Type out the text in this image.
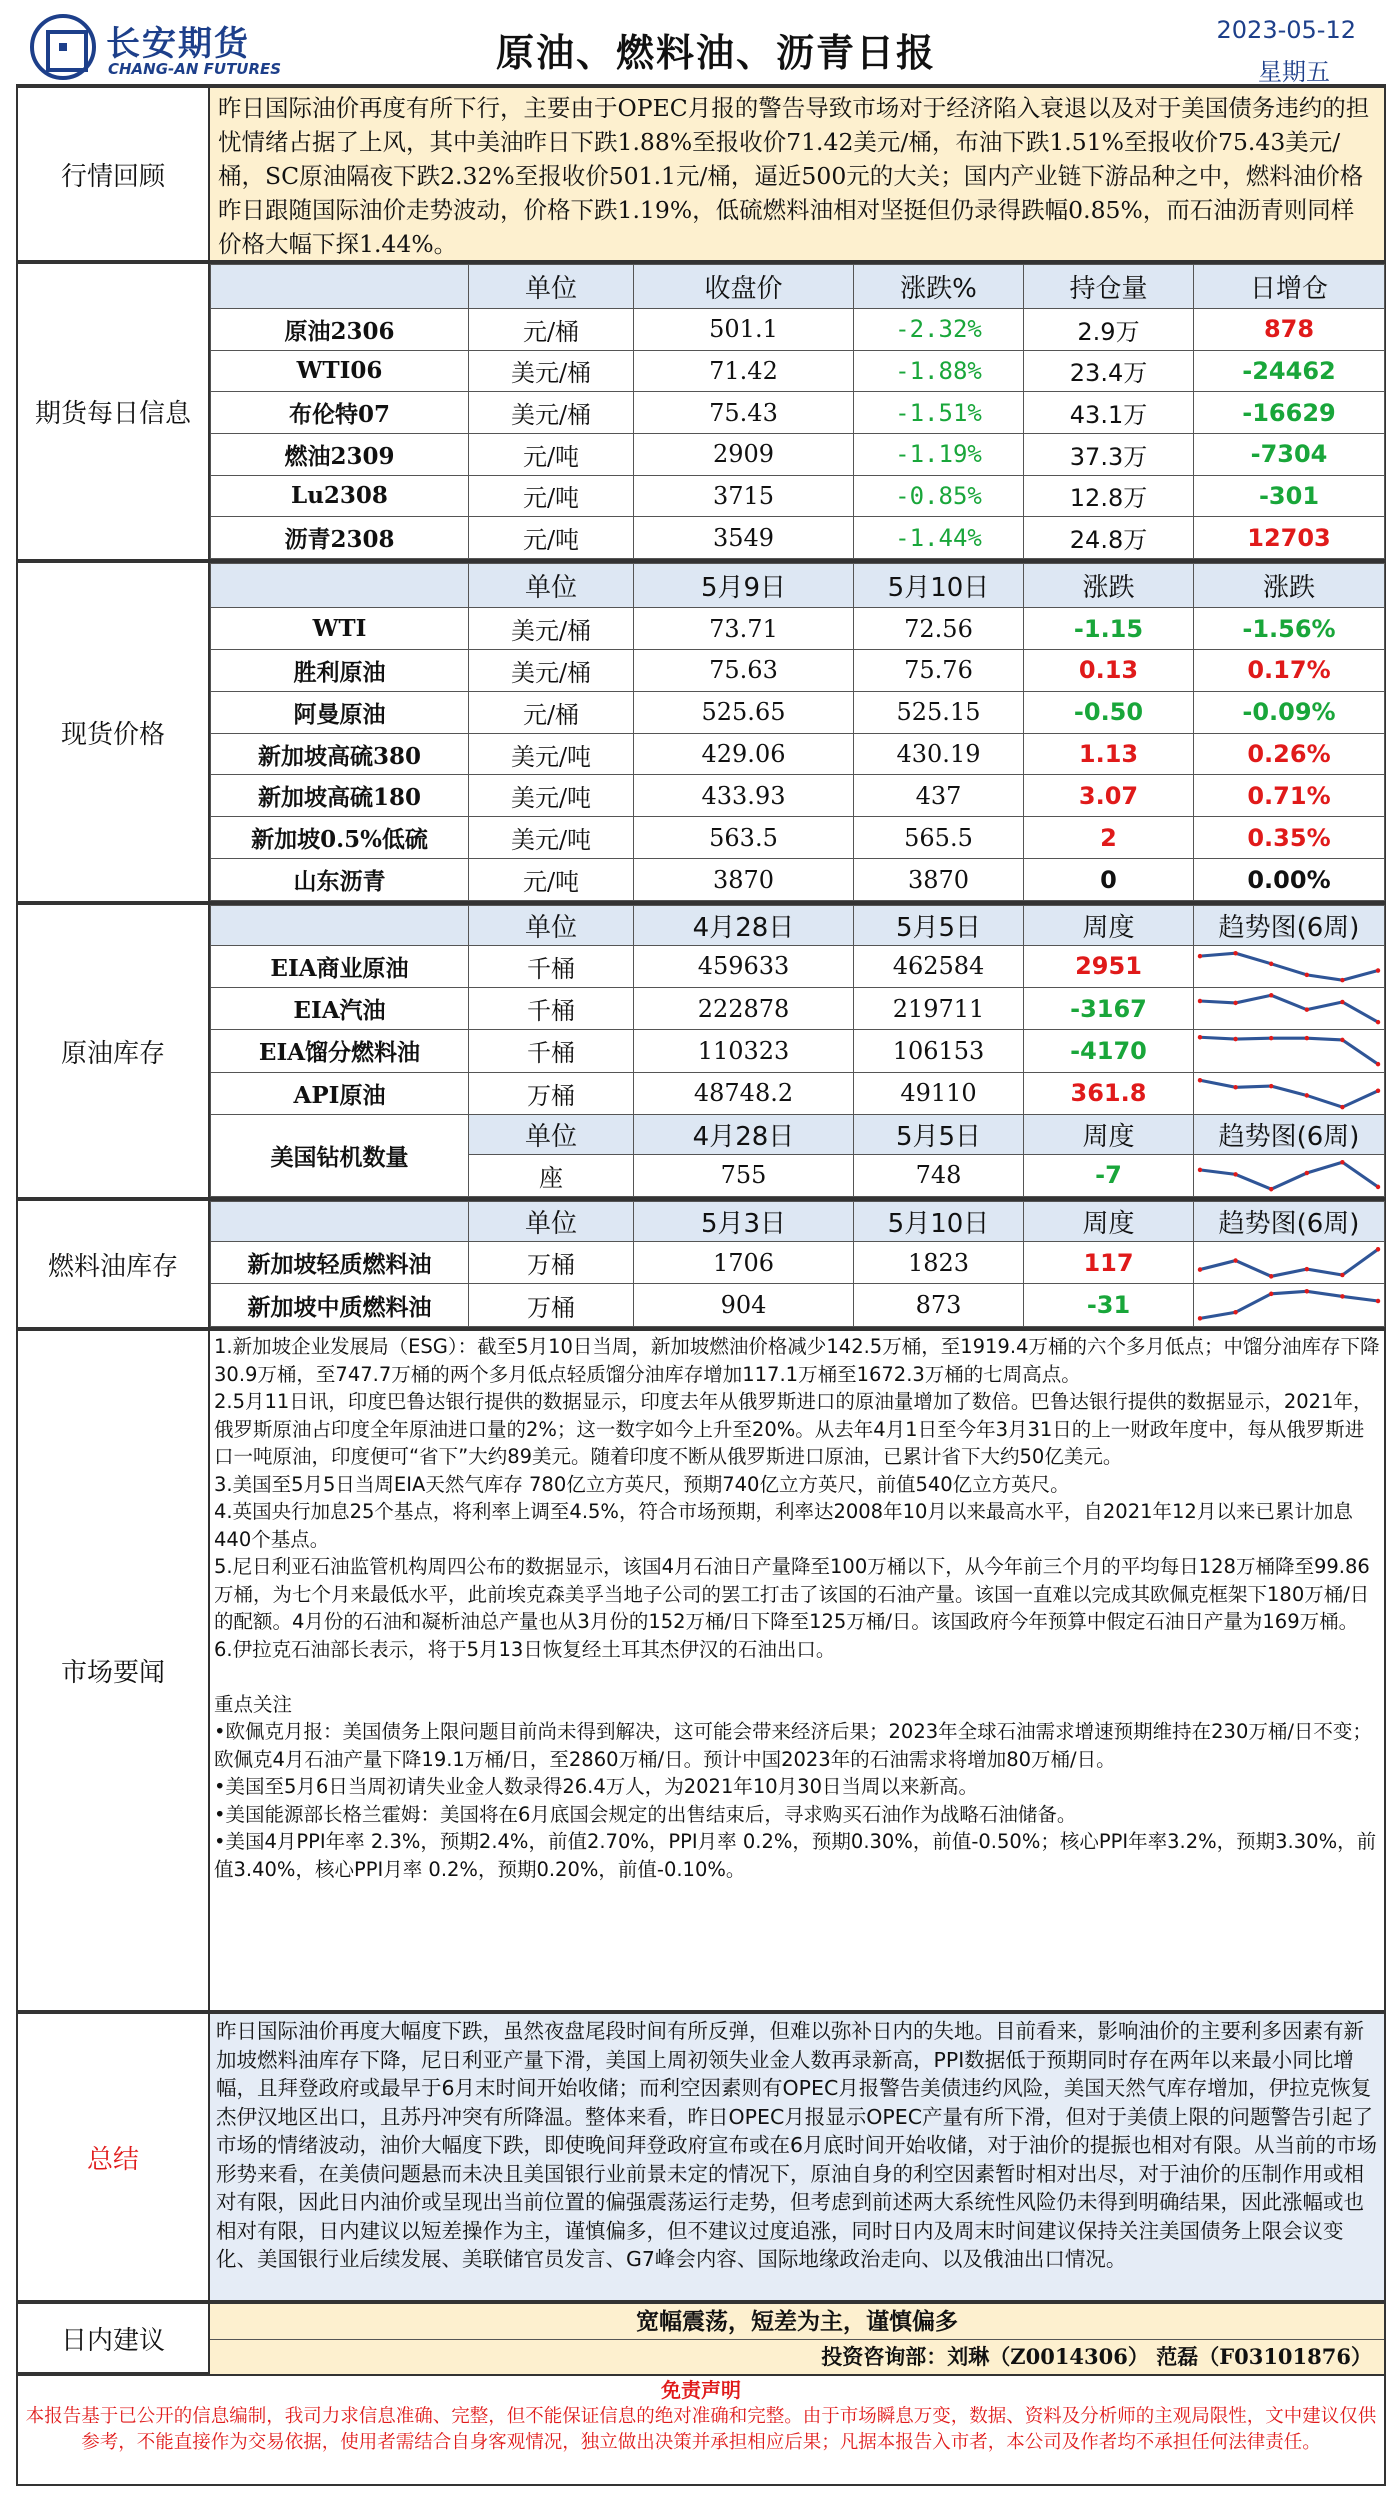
长安期货
CHANG-AN FUTURES	原油、燃料油、沥青日报
2023-05-12
星期五
行情回顾
昨日国际油价再度有所下行，主要由于OPEC月报的警告导致市场对于经济陷入衰退以及对于美国债务违约的担忧情绪占据了上风，其中美油昨日下跌1.88%至报收价71.42美元/桶，布油下跌1.51%至报收价75.43美元/桶，SC原油隔夜下跌2.32%至报收价501.1元/桶，逼近500元的大关；国内产业链下游品种之中，燃料油价格昨日跟随国际油价走势波动，价格下跌1.19%，低硫燃料油相对坚挺但仍录得跌幅0.85%，而石油沥青则同样价格大幅下探1.44%。
期货每日信息
	单位	收盘价	涨跌%	持仓量	日增仓
原油2306	元/桶	501.1	-2.32%	2.9万	878
WTI06	美元/桶	71.42	-1.88%	23.4万	-24462
布伦特07	美元/桶	75.43	-1.51%	43.1万	-16629
燃油2309	元/吨	2909	-1.19%	37.3万	-7304
Lu2308	元/吨	3715	-0.85%	12.8万	-301
沥青2308	元/吨	3549	-1.44%	24.8万	12703
现货价格
	单位	5月9日	5月10日	涨跌	涨跌
WTI	美元/桶	73.71	72.56	-1.15	-1.56%
胜利原油	美元/桶	75.63	75.76	0.13	0.17%
阿曼原油	元/桶	525.65	525.15	-0.50	-0.09%
新加坡高硫380	美元/吨	429.06	430.19	1.13	0.26%
新加坡高硫180	美元/吨	433.93	437	3.07	0.71%
新加坡0.5%低硫	美元/吨	563.5	565.5	2	0.35%
山东沥青	元/吨	3870	3870	0	0.00%
原油库存
	单位	4月28日	5月5日	周度	趋势图(6周)
EIA商业原油	千桶	459633	462584	2951	

EIA汽油	千桶	222878	219711	-3167	

EIA馏分燃料油	千桶	110323	106153	-4170	

API原油	万桶	48748.2	49110	361.8	

美国钻机数量	单位	4月28日	5月5日	周度	趋势图(6周)
	座	755	748	-7	
燃料油库存
	单位	5月3日	5月10日	周度	趋势图(6周)
新加坡轻质燃料油	万桶	1706	1823	117	

新加坡中质燃料油	万桶	904	873	-31	
市场要闻

1.新加坡企业发展局（ESG）：截至5月10日当周，新加坡燃油价格减少142.5万桶，至1919.4万桶的六个多月低点；中馏分油库存下降30.9万桶，至747.7万桶的两个多月低点轻质馏分油库存增加117.1万桶至1672.3万桶的七周高点。

2.5月11日讯，印度巴鲁达银行提供的数据显示，印度去年从俄罗斯进口的原油量增加了数倍。巴鲁达银行提供的数据显示，2021年，俄罗斯原油占印度全年原油进口量的2%；这一数字如今上升至20%。从去年4月1日至今年3月31日的上一财政年度中，每从俄罗斯进口一吨原油，印度便可“省下”大约89美元。随着印度不断从俄罗斯进口原油，已累计省下大约50亿美元。

3.美国至5月5日当周EIA天然气库存 780亿立方英尺，预期740亿立方英尺，前值540亿立方英尺。

4.英国央行加息25个基点，将利率上调至4.5%，符合市场预期，利率达2008年10月以来最高水平，自2021年12月以来已累计加息440个基点。

5.尼日利亚石油监管机构周四公布的数据显示，该国4月石油日产量降至100万桶以下，从今年前三个月的平均每日128万桶降至99.86万桶，为七个月来最低水平，此前埃克森美孚当地子公司的罢工打击了该国的石油产量。该国一直难以完成其欧佩克框架下180万桶/日的配额。4月份的石油和凝析油总产量也从3月份的152万桶/日下降至125万桶/日。该国政府今年预算中假定石油日产量为169万桶。

6.伊拉克石油部长表示，将于5月13日恢复经土耳其杰伊汉的石油出口。

重点关注

•欧佩克月报：美国债务上限问题目前尚未得到解决，这可能会带来经济后果；2023年全球石油需求增速预期维持在230万桶/日不变；欧佩克4月石油产量下降19.1万桶/日，至2860万桶/日。预计中国2023年的石油需求将增加80万桶/日。

•美国至5月6日当周初请失业金人数录得26.4万人，为2021年10月30日当周以来新高。

•美国能源部长格兰霍姆：美国将在6月底国会规定的出售结束后，寻求购买石油作为战略石油储备。

•美国4月PPI年率 2.3%，预期2.4%，前值2.70%，PPI月率 0.2%，预期0.30%，前值-0.50%；核心PPI年率3.2%，预期3.30%，前值3.40%，核心PPI月率 0.2%，预期0.20%，前值-0.10%。

总结
昨日国际油价再度大幅度下跌，虽然夜盘尾段时间有所反弹，但难以弥补日内的失地。目前看来，影响油价的主要利多因素有新加坡燃料油库存下降，尼日利亚产量下滑，美国上周初领失业金人数再录新高，PPI数据低于预期同时存在两年以来最小同比增幅，且拜登政府或最早于6月末时间开始收储；而利空因素则有OPEC月报警告美债违约风险，美国天然气库存增加，伊拉克恢复杰伊汉地区出口，且苏丹冲突有所降温。整体来看，昨日OPEC月报显示OPEC产量有所下滑，但对于美债上限的问题警告引起了市场的情绪波动，油价大幅度下跌，即使晚间拜登政府宣布或在6月底时间开始收储，对于油价的提振也相对有限。从当前的市场形势来看，在美债问题悬而未决且美国银行业前景未定的情况下，原油自身的利空因素暂时相对出尽，对于油价的压制作用或相对有限，因此日内油价或呈现出当前位置的偏强震荡运行走势，但考虑到前述两大系统性风险仍未得到明确结果，因此涨幅或也相对有限，日内建议以短差操作为主，谨慎偏多，但不建议过度追涨，同时日内及周末时间建议保持关注美国债务上限会议变化、美国银行业后续发展、美联储官员发言、G7峰会内容、国际地缘政治走向、以及俄油出口情况。
日内建议
宽幅震荡，短差为主，谨慎偏多
投资咨询部：刘琳（Z0014306） 范磊（F03101876）
免责声明
本报告基于已公开的信息编制，我司力求信息准确、完整，但不能保证信息的绝对准确和完整。由于市场瞬息万变，数据、资料及分析师的主观局限性，文中建议仅供参考，不能直接作为交易依据，使用者需结合自身客观情况，独立做出决策并承担相应后果；凡据本报告入市者，本公司及作者均不承担任何法律责任。
